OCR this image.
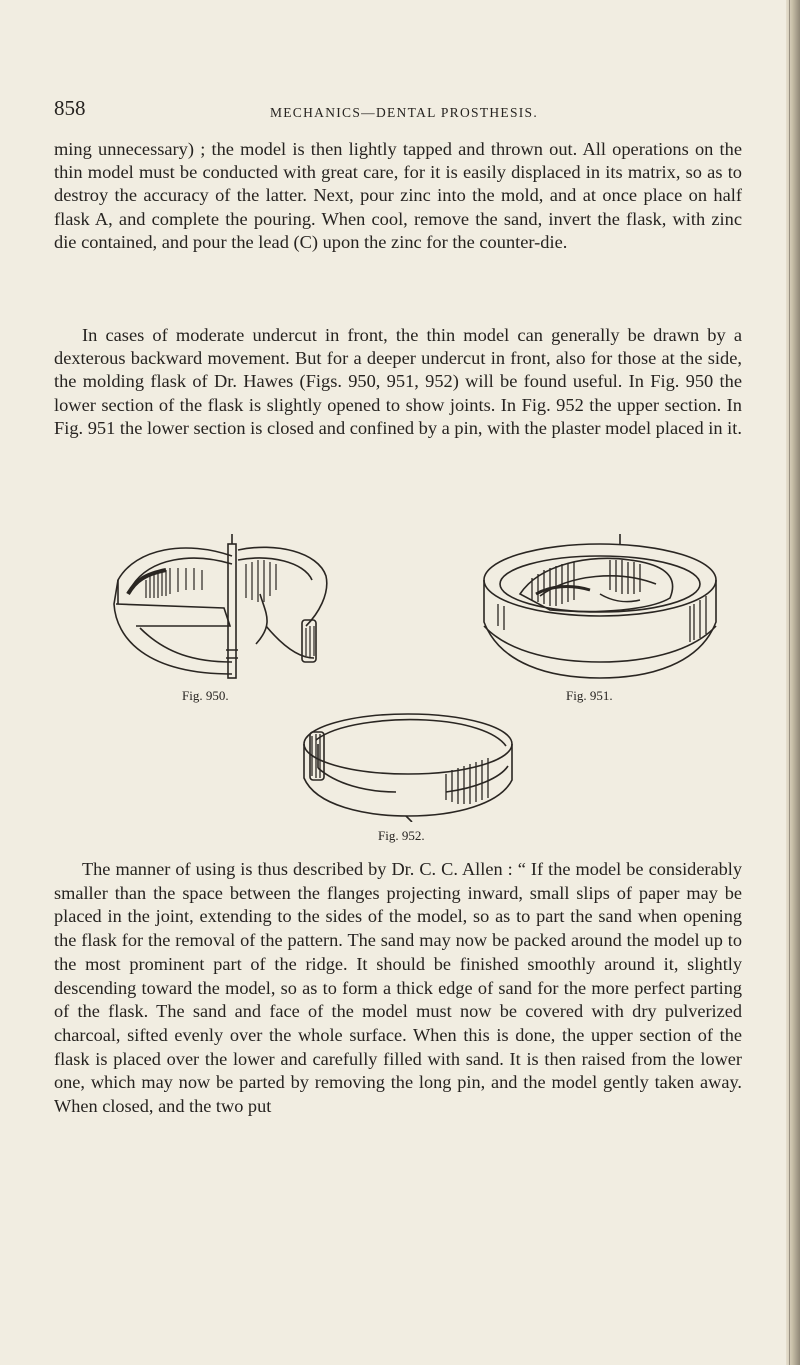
858	MECHANICS—DENTAL PROSTHESIS.

ming unnecessary) ; the model is then lightly tapped and thrown out. All operations on the thin model must be conducted with great care, for it is easily displaced in its matrix, so as to destroy the accuracy of the latter. Next, pour zinc into the mold, and at once place on half flask A, and complete the pouring. When cool, remove the sand, invert the flask, with zinc die contained, and pour the lead (C) upon the zinc for the counter-die.

In cases of moderate undercut in front, the thin model can generally be drawn by a dexterous backward movement. But for a deeper undercut in front, also for those at the side, the molding flask of Dr. Hawes (Figs. 950, 951, 952) will be found useful. In Fig. 950 the lower section of the flask is slightly opened to show joints. In Fig. 952 the upper section. In Fig. 951 the lower section is closed and confined by a pin, with the plaster model placed in it.

Fig. 950.	Fig. 951.
Fig. 952.

The manner of using is thus described by Dr. C. C. Allen : “ If the model be considerably smaller than the space between the flanges projecting inward, small slips of paper may be placed in the joint, extending to the sides of the model, so as to part the sand when opening the flask for the removal of the pattern. The sand may now be packed around the model up to the most prominent part of the ridge. It should be finished smoothly around it, slightly descending toward the model, so as to form a thick edge of sand for the more perfect parting of the flask. The sand and face of the model must now be covered with dry pulverized charcoal, sifted evenly over the whole surface. When this is done, the upper section of the flask is placed over the lower and carefully filled with sand. It is then raised from the lower one, which may now be parted by removing the long pin, and the model gently taken away. When closed, and the two put
